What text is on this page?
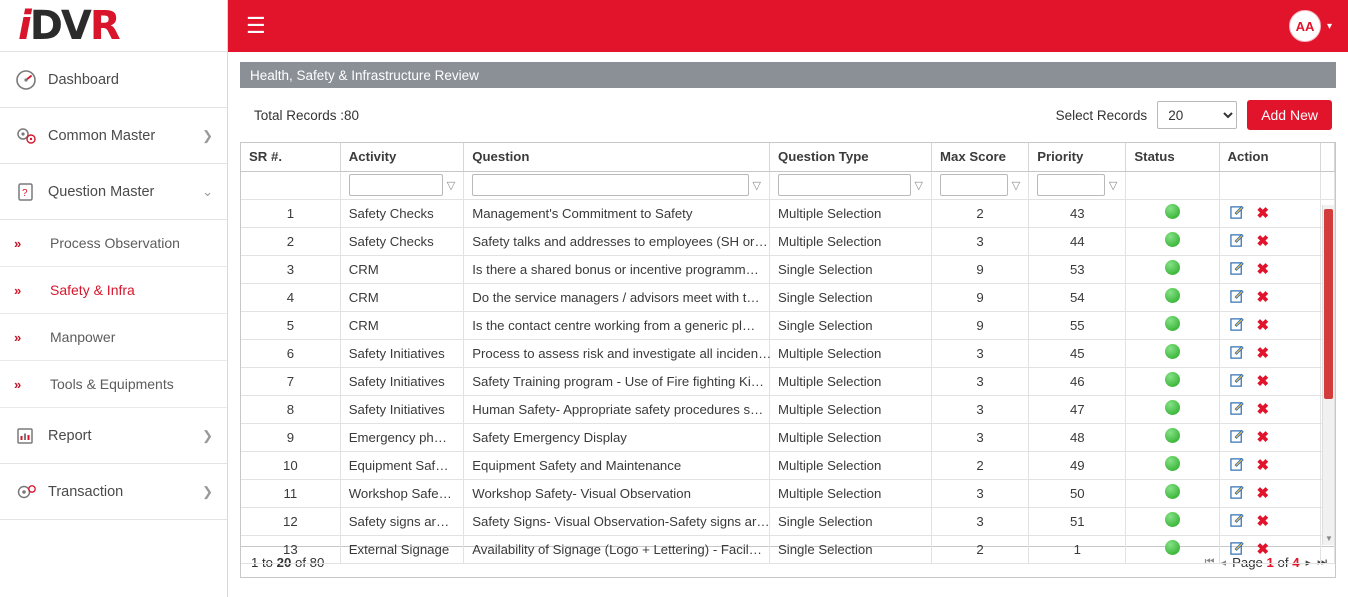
iDVR
Dashboard
Common Master	❯
? Question Master	⌄
»	Process Observation
»	Safety & Infra
»	Manpower
»	Tools & Equipments
Report	❯
Transaction	❯
☰	AA	▾
Health, Safety & Infrastructure Review
Total Records :80	Select Records
20	Add New
SR #.	Activity	Question	Question Type	Max Score	Priority	Status	Action	

	▽	▽	▽	▽	▽			

1	Safety Checks	Management's Commitment to Safety	Multiple Selection	2	43		✖	

2	Safety Checks	Safety talks and addresses to employees (SH or…	Multiple Selection	3	44		✖	

3	CRM	Is there a shared bonus or incentive programm…	Single Selection	9	53		✖	

4	CRM	Do the service managers / advisors meet with t…	Single Selection	9	54		✖	

5	CRM	Is the contact centre working from a generic pl…	Single Selection	9	55		✖	

6	Safety Initiatives	Process to assess risk and investigate all inciden…	Multiple Selection	3	45		✖	

7	Safety Initiatives	Safety Training program - Use of Fire fighting Ki…	Multiple Selection	3	46		✖	

8	Safety Initiatives	Human Safety- Appropriate safety procedures s…	Multiple Selection	3	47		✖	

9	Emergency ph…	Safety Emergency Display	Multiple Selection	3	48		✖	

10	Equipment Saf…	Equipment Safety and Maintenance	Multiple Selection	2	49		✖	

11	Workshop Safe…	Workshop Safety- Visual Observation	Multiple Selection	3	50		✖	

12	Safety signs ar…	Safety Signs- Visual Observation-Safety signs ar…	Single Selection	3	51		✖	

13	External Signage	Availability of Signage (Logo + Lettering) - Facil…	Single Selection	2	1		✖	

▼
1 to 20 of 80	⏮ ◂ Page 1 of 4 ▸ ⏭
